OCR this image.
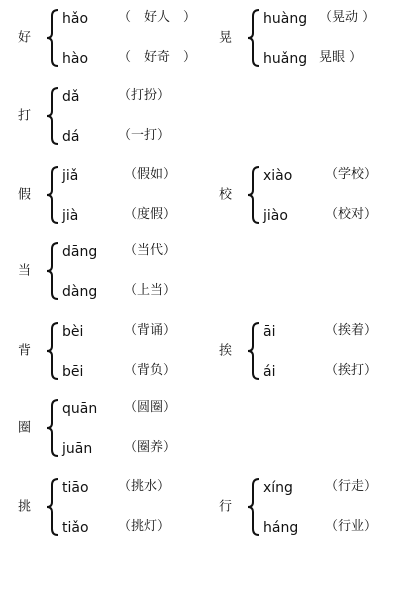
好
hǎo （　好人　）
hào （　好奇　）
晃
huàng （晃动 ）
huǎng 晃眼 ）
打
dǎ	（打扮）
dá	（一打）
假
jiǎ	（假如）
jià	（度假）
校
xiào	（学校）
jiào	（校对）
当
dāng （当代）
dàng （上当）
背
bèi	（背诵）
bēi	（背负）
挨
āi	（挨着）
ái	（挨打）
圈
quān （圆圈）
juān （圈养）
挑
tiāo （挑水）
tiǎo （挑灯）
行
xíng （行走）
háng （行业）
